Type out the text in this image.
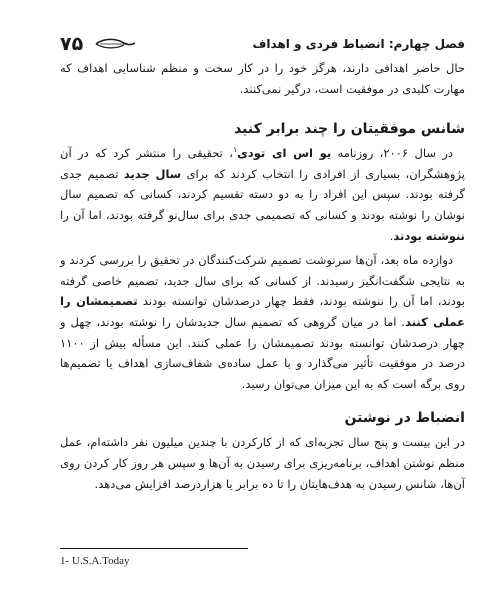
۷۵	فصل چهارم: انضباط فردی و اهداف

حال حاضر اهدافی دارند، هرگز خود را در کار سخت و منظم شناسایی اهداف که مهارت کلیدی در موفقیت است، درگیر نمی‌کنند.

شانس موفقیتان را چند برابر کنید

در سال ۲۰۰۶، روزنامه یو اس ای تودی$^۱$، تحقیقی را منتشر کرد که در آن پژوهشگران، بسیاری از افرادی را انتخاب کردند که برای سال جدید تصمیم جدی گرفته بودند. سپس این افراد را به دو دسته تقسیم کردند، کسانی که تصمیم سال نوشان را نوشته بودند و کسانی که تصمیمی جدی برای سال‌نو گرفته بودند، اما آن را ننوشته بودند.

دوازده ماه بعد، آن‌ها سرنوشت تصمیم شرکت‌کنندگان در تحقیق را بررسی کردند و به نتایجی شگفت‌انگیز رسیدند. از کسانی که برای سال جدید، تصمیم خاصی گرفته بودند، اما آن را ننوشته بودند، فقط چهار درصدشان توانسته بودند تصمیمشان را عملی کنند. اما در میان گروهی که تصمیم سال جدیدشان را نوشته بودند، چهل و چهار درصدشان توانسته بودند تصمیمشان را عملی کنند. این مسأله بیش از ۱۱۰۰ درصد در موفقیت تأثیر می‌گذارد و با عمل ساده‌ی شفاف‌سازی اهداف یا تصمیم‌ها روی برگه است که به این میزان می‌توان رسید.

انضباط در نوشتن

در این بیست و پنج سال تجربه‌ای که از کارکردن با چندین میلیون نفر داشته‌ام، عمل منظم نوشتن اهداف، برنامه‌ریزی برای رسیدن به آن‌ها و سپس هر روز کار کردن روی آن‌ها، شانس رسیدن به هدف‌هایتان را تا ده برابر یا هزاردرصد افزایش می‌دهد.

1- U.S.A.Today
